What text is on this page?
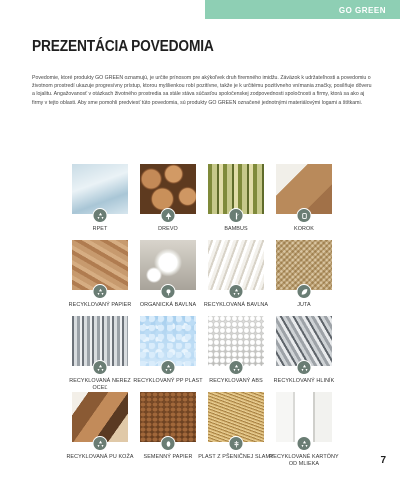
GO GREEN
PREZENTÁCIA POVEDOMIA

Povedomie, ktoré produkty GO GREEN oznamujú, je určite prínosom pre akýkoľvek druh firemného imidžu. Záväzok k udržateľnosti a povedomiu o životnom prostredí ukazuje progresívny prístup, ktorou myšlienkou robí pozitívne, takže je k určitému pozitívneho vnímania značky, posilňuje dôveru a lojalitu. Angažovanosť v otázkach životného prostredia sa stále stáva súčasťou spoločenskej zodpovednosti spoločnosti a firmy, ktorá sa ako aj firmy v tejto oblasti. Aby sme pomohli predviesť túto povedomia, sú produkty GO GREEN označené jednotnými materiálovými logami a štítkami.

RPET	DREVO	BAMBUS	KOROK
RECYKLOVANÝ PAPIER	ORGANICKÁ BAVLNA	RECYKLOVANÁ BAVLNA	JUTA
RECYKLOVANÁ NEREZ OCEĽ
RECYKLOVANÝ PP PLAST	RECYKLOVANÝ ABS	RECYKLOVANÝ HLINÍK
RECYKLOVANÁ PU KOŽA	SEMENNÝ PAPIER	PLAST Z PŠENIČNEJ SLAMY
RECYKLOVANÉ KARTÓNY OD MLIEKA	7
